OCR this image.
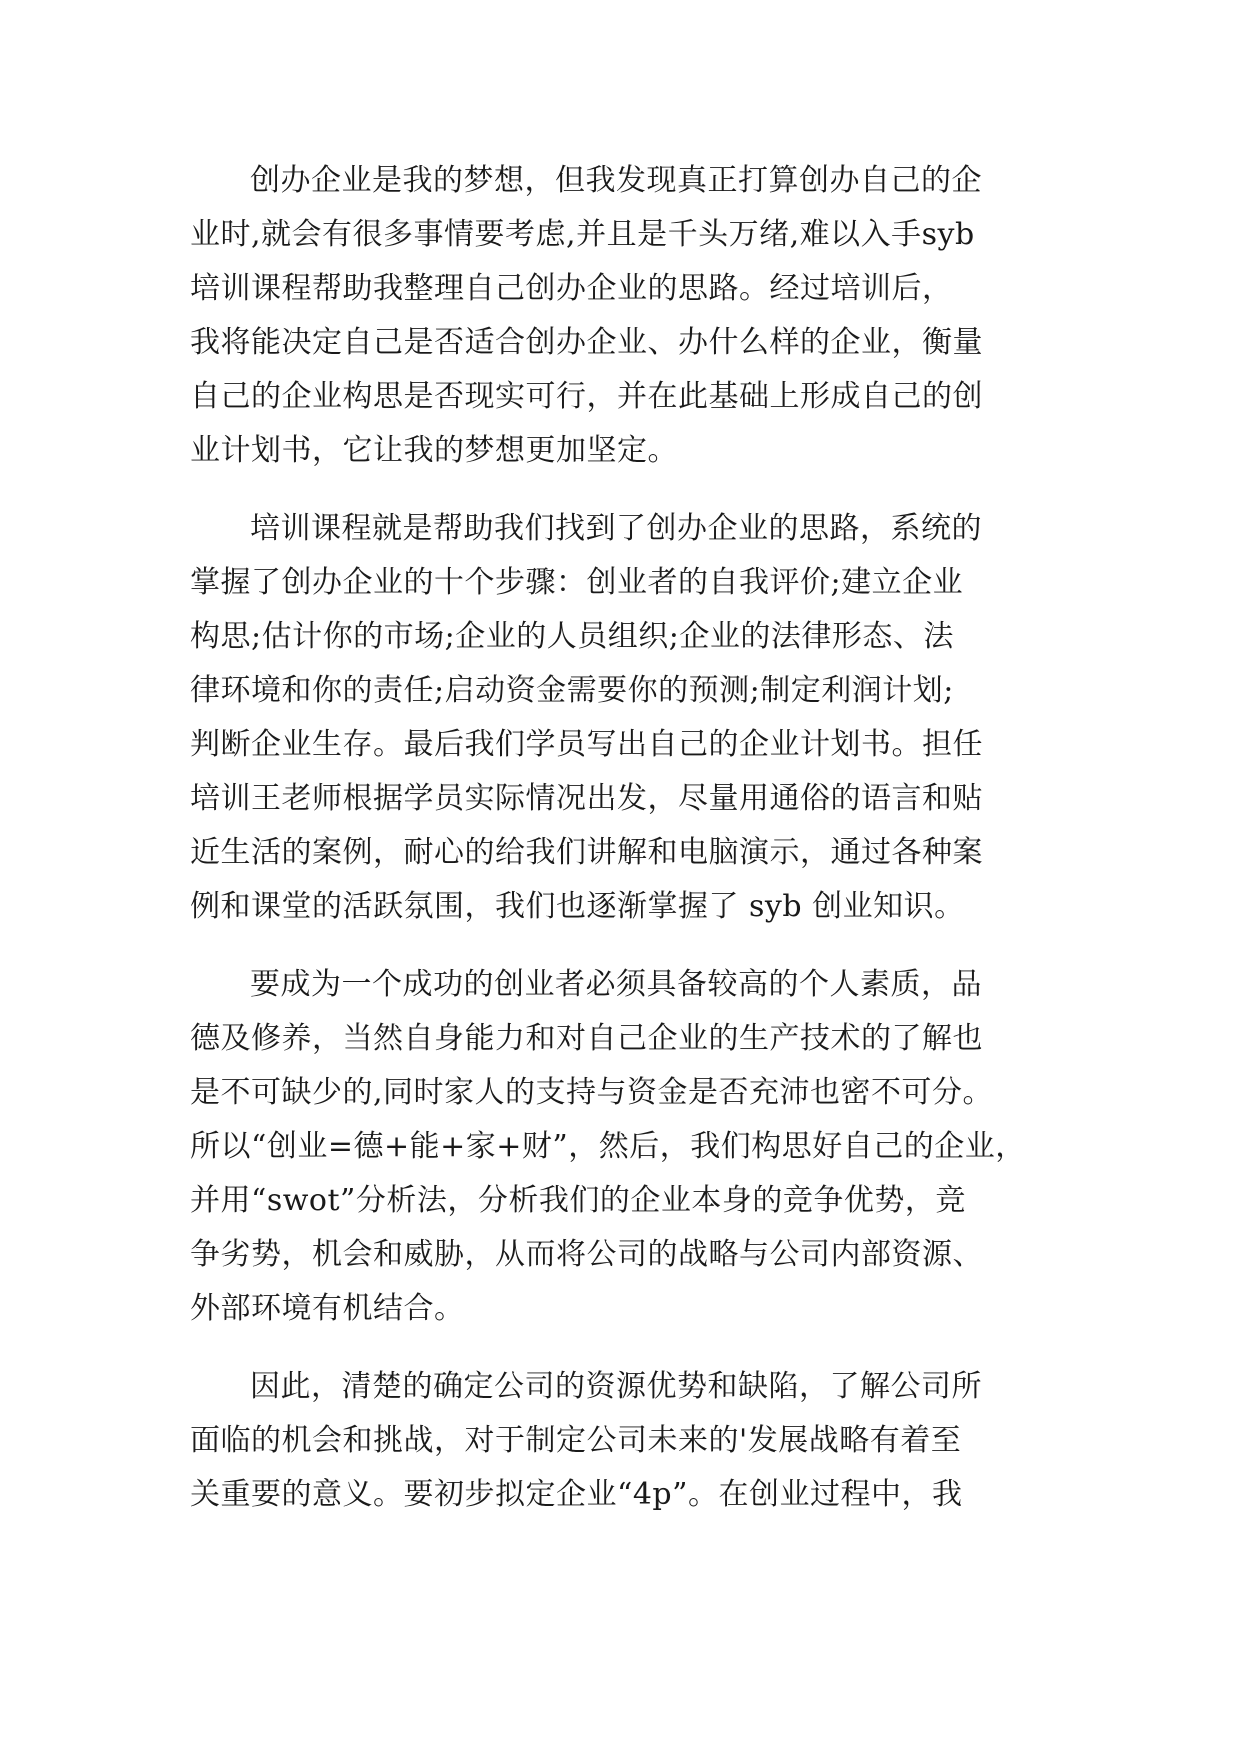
创办企业是我的梦想，但我发现真正打算创办自己的企
业时,就会有很多事情要考虑,并且是千头万绪,难以入手syb
培训课程帮助我整理自己创办企业的思路。经过培训后，
我将能决定自己是否适合创办企业、办什么样的企业，衡量
自己的企业构思是否现实可行，并在此基础上形成自己的创
业计划书，它让我的梦想更加坚定。
培训课程就是帮助我们找到了创办企业的思路，系统的
掌握了创办企业的十个步骤：创业者的自我评价;建立企业
构思;估计你的市场;企业的人员组织;企业的法律形态、法
律环境和你的责任;启动资金需要你的预测;制定利润计划;
判断企业生存。最后我们学员写出自己的企业计划书。担任
培训王老师根据学员实际情况出发，尽量用通俗的语言和贴
近生活的案例，耐心的给我们讲解和电脑演示，通过各种案
例和课堂的活跃氛围，我们也逐渐掌握了 syb 创业知识。
要成为一个成功的创业者必须具备较高的个人素质，品
德及修养，当然自身能力和对自己企业的生产技术的了解也
是不可缺少的,同时家人的支持与资金是否充沛也密不可分。
所以“创业=德+能+家+财”，然后，我们构思好自己的企业，
并用“swot”分析法，分析我们的企业本身的竞争优势，竞
争劣势，机会和威胁，从而将公司的战略与公司内部资源、
外部环境有机结合。
因此，清楚的确定公司的资源优势和缺陷，了解公司所
面临的机会和挑战，对于制定公司未来的'发展战略有着至
关重要的意义。要初步拟定企业“4p”。在创业过程中，我
